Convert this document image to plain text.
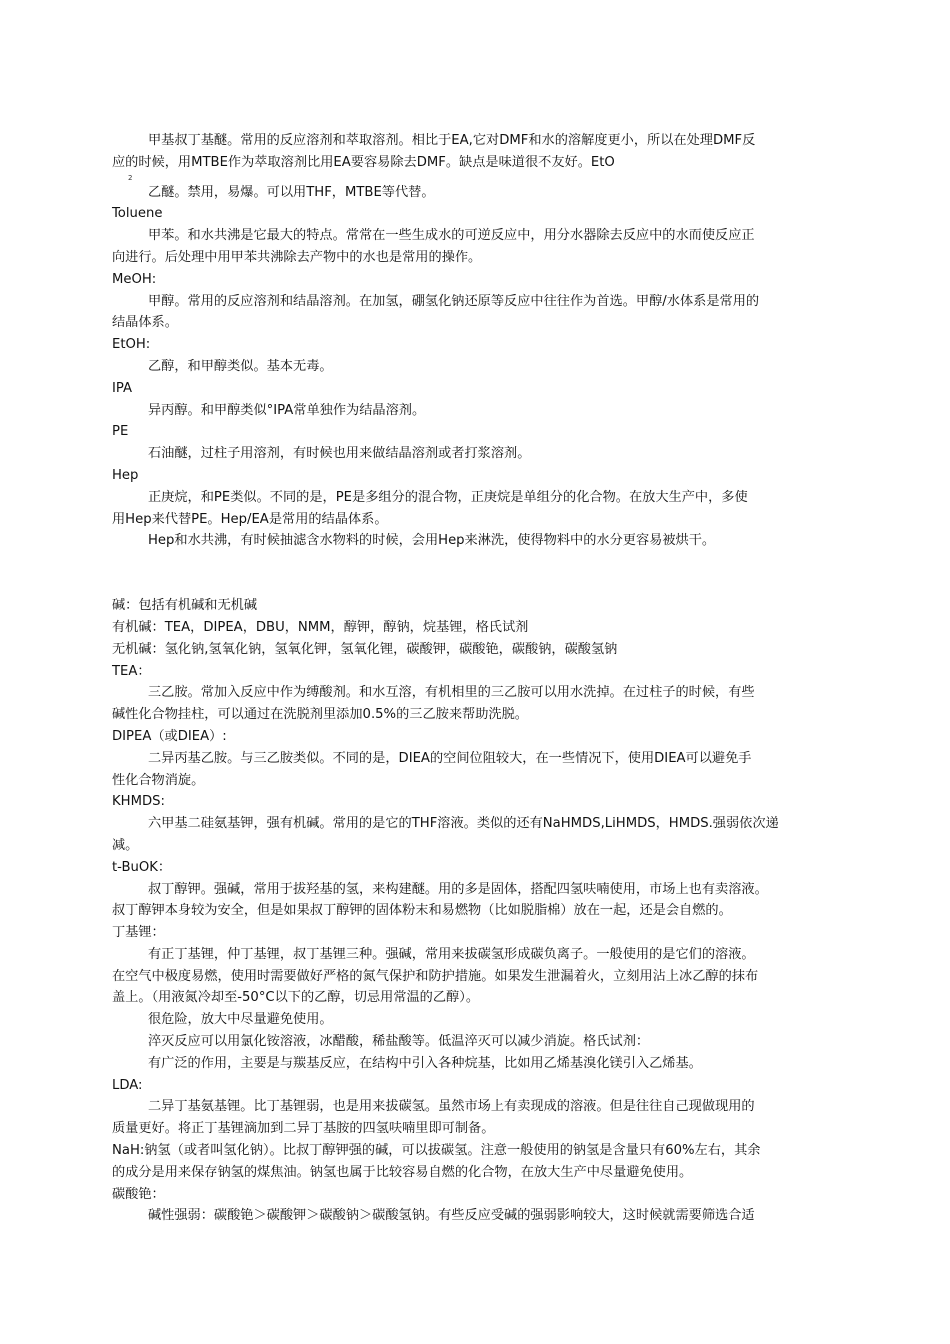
甲基叔丁基醚。常用的反应溶剂和萃取溶剂。相比于EA,它对DMF和水的溶解度更小，所以在处理DMF反
应的时候，用MTBE作为萃取溶剂比用EA要容易除去DMF。缺点是味道很不友好。EtO
2
乙醚。禁用，易爆。可以用THF，MTBE等代替。
Toluene
甲苯。和水共沸是它最大的特点。常常在一些生成水的可逆反应中，用分水器除去反应中的水而使反应正
向进行。后处理中用甲苯共沸除去产物中的水也是常用的操作。
MeOH:
甲醇。常用的反应溶剂和结晶溶剂。在加氢，硼氢化钠还原等反应中往往作为首选。甲醇/水体系是常用的
结晶体系。
EtOH:
乙醇，和甲醇类似。基本无毒。
IPA
异丙醇。和甲醇类似°IPA常单独作为结晶溶剂。
PE
石油醚，过柱子用溶剂，有时候也用来做结晶溶剂或者打浆溶剂。
Hep
正庚烷，和PE类似。不同的是，PE是多组分的混合物，正庚烷是单组分的化合物。在放大生产中，多使
用Hep来代替PE。Hep/EA是常用的结晶体系。
Hep和水共沸，有时候抽滤含水物料的时候，会用Hep来淋洗，使得物料中的水分更容易被烘干。
碱：包括有机碱和无机碱
有机碱：TEA，DIPEA，DBU，NMM，醇钾，醇钠，烷基锂，格氏试剂
无机碱：氢化钠,氢氧化钠，氢氧化钾，氢氧化锂，碳酸钾，碳酸铯，碳酸钠，碳酸氢钠
TEA：
三乙胺。常加入反应中作为缚酸剂。和水互溶，有机相里的三乙胺可以用水洗掉。在过柱子的时候，有些
碱性化合物挂柱，可以通过在洗脱剂里添加0.5%的三乙胺来帮助洗脱。
DIPEA（或DIEA）:
二异丙基乙胺。与三乙胺类似。不同的是，DIEA的空间位阻较大，在一些情况下，使用DIEA可以避免手
性化合物消旋。
KHMDS:
六甲基二硅氨基钾，强有机碱。常用的是它的THF溶液。类似的还有NaHMDS,LiHMDS，HMDS.强弱依次递
减。
t-BuOK：
叔丁醇钾。强碱，常用于拔羟基的氢，来构建醚。用的多是固体，搭配四氢呋喃使用，市场上也有卖溶液。
叔丁醇钾本身较为安全，但是如果叔丁醇钾的固体粉末和易燃物（比如脱脂棉）放在一起，还是会自燃的。
丁基锂：
有正丁基锂，仲丁基锂，叔丁基锂三种。强碱，常用来拔碳氢形成碳负离子。一般使用的是它们的溶液。
在空气中极度易燃，使用时需要做好严格的氮气保护和防护措施。如果发生泄漏着火，立刻用沾上冰乙醇的抹布
盖上。（用液氮冷却至-50°C以下的乙醇，切忌用常温的乙醇）。
很危险，放大中尽量避免使用。
淬灭反应可以用氯化铵溶液，冰醋酸，稀盐酸等。低温淬灭可以减少消旋。格氏试剂：
有广泛的作用，主要是与羰基反应，在结构中引入各种烷基，比如用乙烯基溴化镁引入乙烯基。
LDA:
二异丁基氨基锂。比丁基锂弱，也是用来拔碳氢。虽然市场上有卖现成的溶液。但是往往自己现做现用的
质量更好。将正丁基锂滴加到二异丁基胺的四氢呋喃里即可制备。
NaH:钠氢（或者叫氢化钠）。比叔丁醇钾强的碱，可以拔碳氢。注意一般使用的钠氢是含量只有60%左右，其余
的成分是用来保存钠氢的煤焦油。钠氢也属于比较容易自燃的化合物，在放大生产中尽量避免使用。
碳酸铯：
碱性强弱：碳酸铯＞碳酸钾＞碳酸钠＞碳酸氢钠。有些反应受碱的强弱影响较大，这时候就需要筛选合适
